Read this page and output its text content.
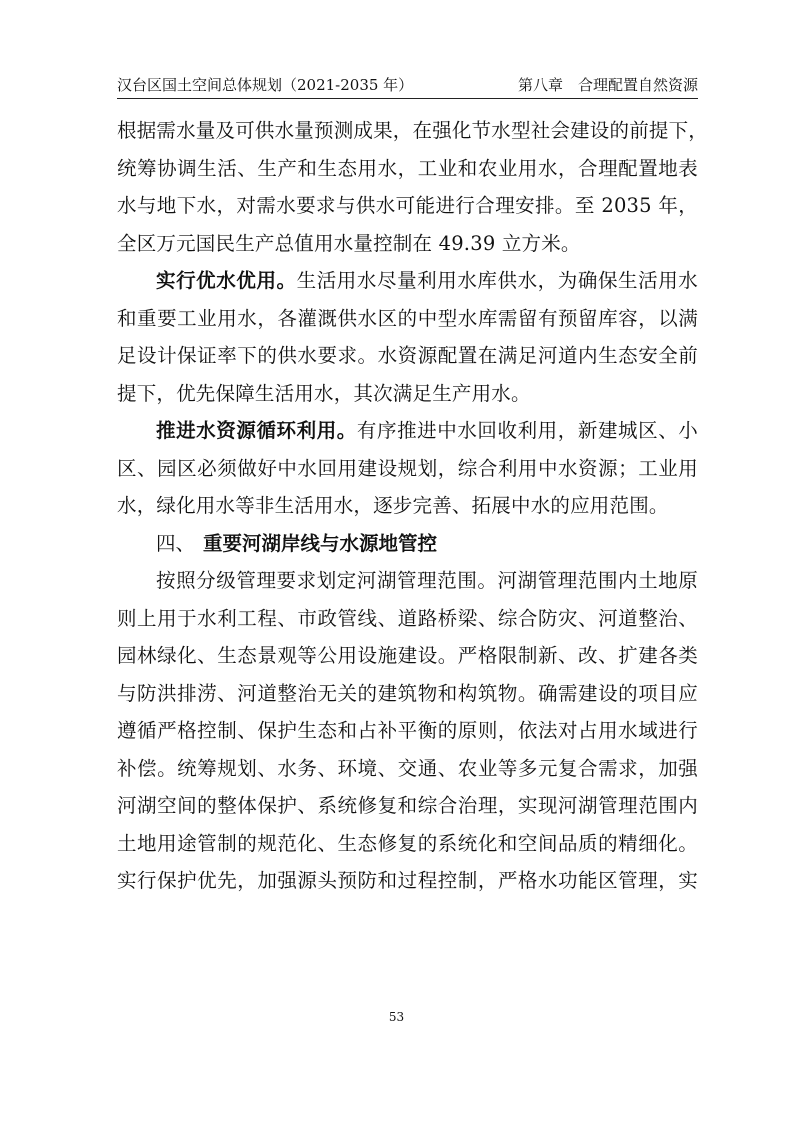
汉台区国土空间总体规划（2021-2035 年）	第八章　合理配置自然资源
根据需水量及可供水量预测成果，在强化节水型社会建设的前提下，
统筹协调生活、生产和生态用水，工业和农业用水，合理配置地表
水与地下水，对需水要求与供水可能进行合理安排。至 2035 年，
全区万元国民生产总值用水量控制在 49.39 立方米。
实行优水优用。生活用水尽量利用水库供水，为确保生活用水
和重要工业用水，各灌溉供水区的中型水库需留有预留库容，以满
足设计保证率下的供水要求。水资源配置在满足河道内生态安全前
提下，优先保障生活用水，其次满足生产用水。
推进水资源循环利用。有序推进中水回收利用，新建城区、小
区、园区必须做好中水回用建设规划，综合利用中水资源；工业用
水，绿化用水等非生活用水，逐步完善、拓展中水的应用范围。
四、 重要河湖岸线与水源地管控
按照分级管理要求划定河湖管理范围。河湖管理范围内土地原
则上用于水利工程、市政管线、道路桥梁、综合防灾、河道整治、
园林绿化、生态景观等公用设施建设。严格限制新、改、扩建各类
与防洪排涝、河道整治无关的建筑物和构筑物。确需建设的项目应
遵循严格控制、保护生态和占补平衡的原则，依法对占用水域进行
补偿。统筹规划、水务、环境、交通、农业等多元复合需求，加强
河湖空间的整体保护、系统修复和综合治理，实现河湖管理范围内
土地用途管制的规范化、生态修复的系统化和空间品质的精细化。
实行保护优先，加强源头预防和过程控制，严格水功能区管理，实
53
